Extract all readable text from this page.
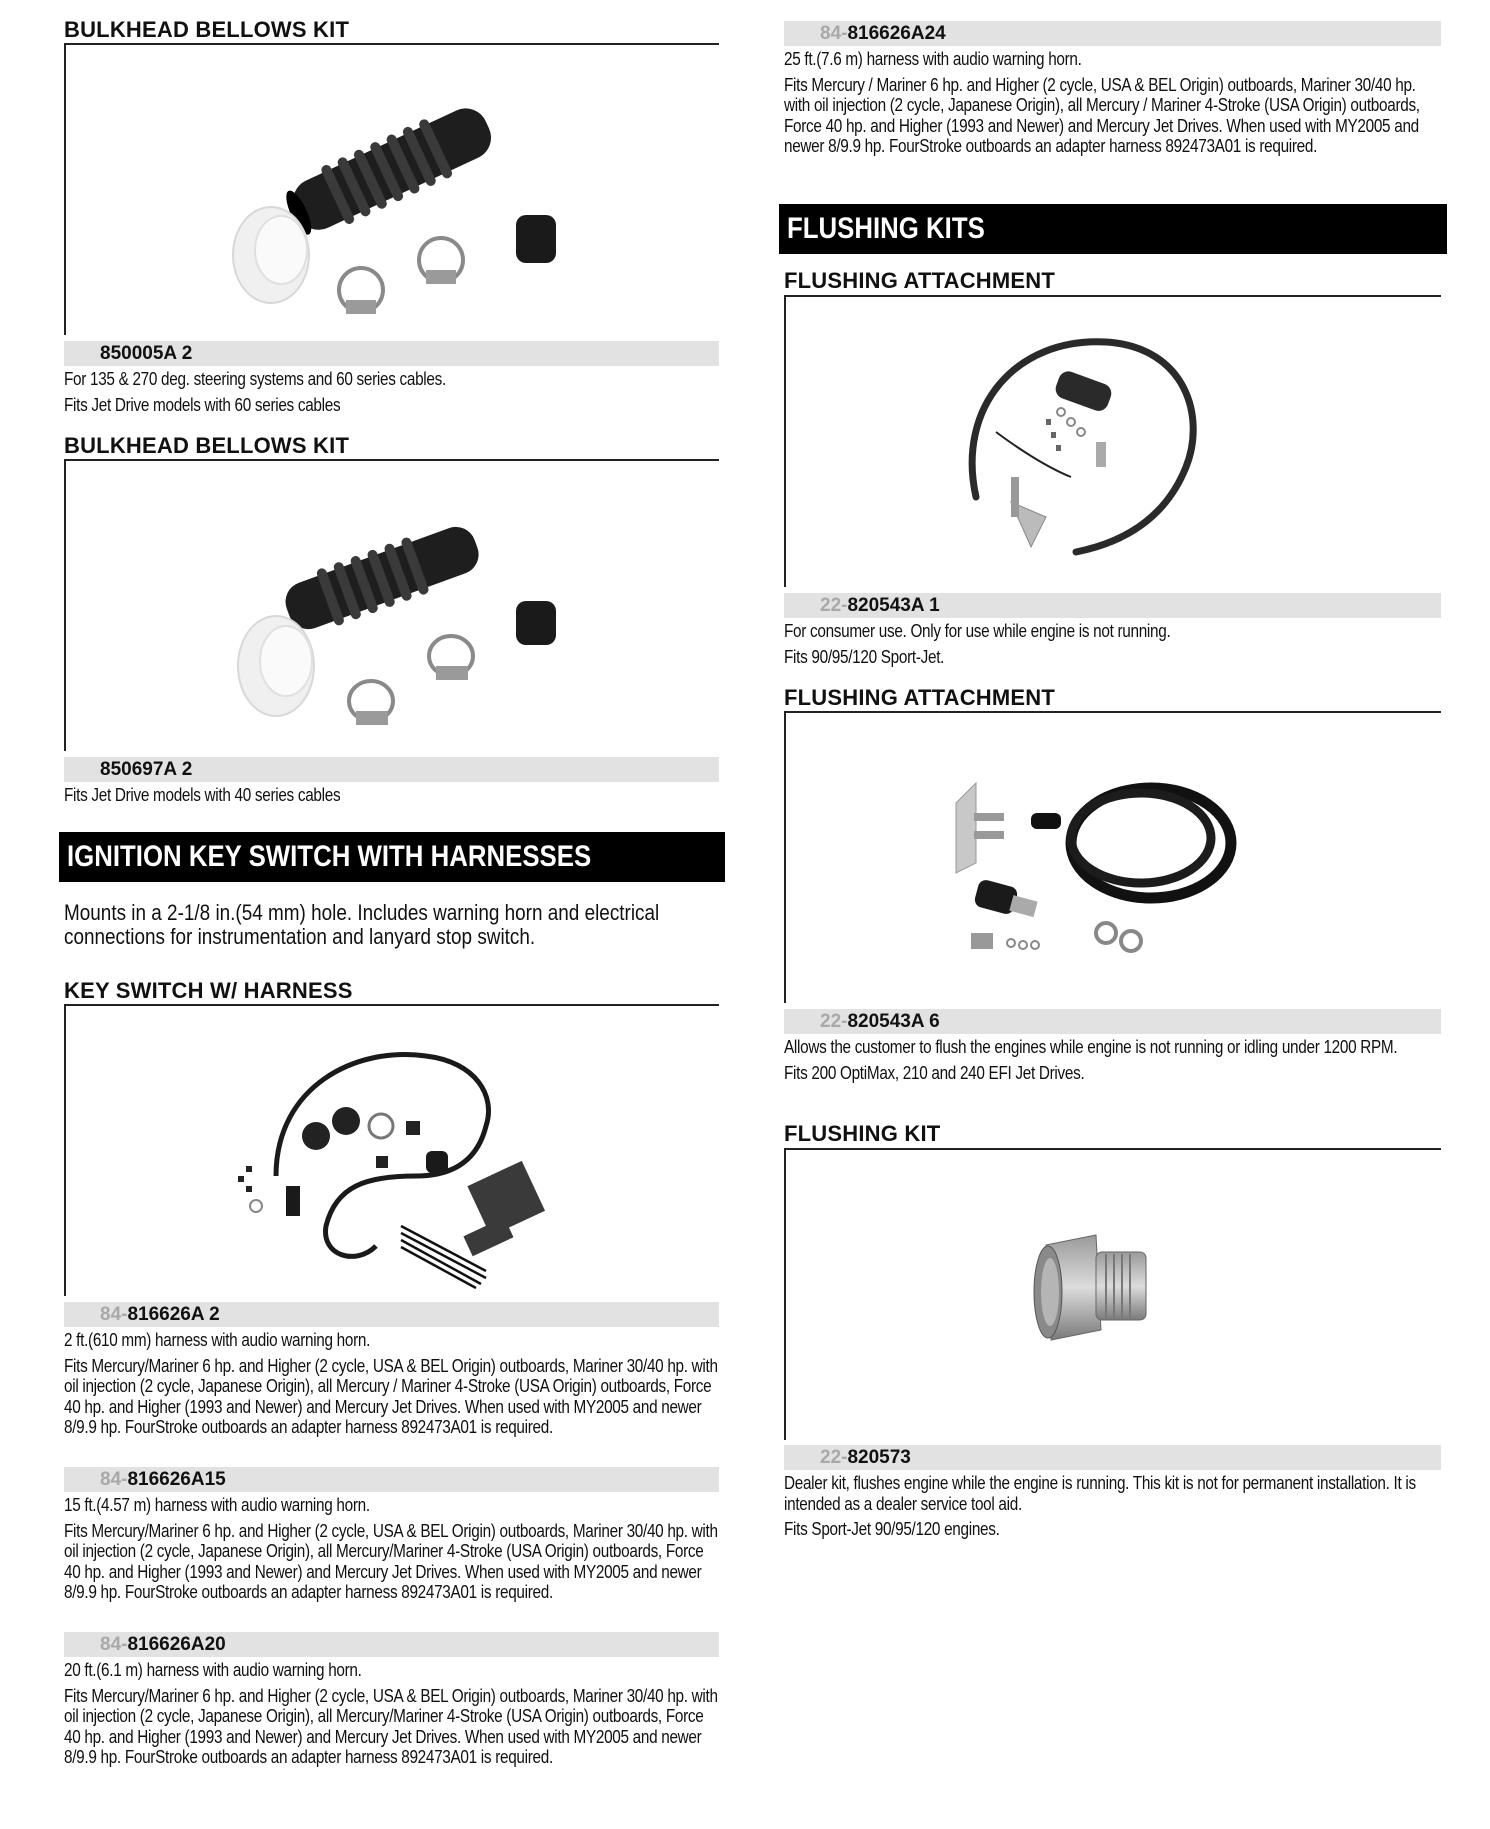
BULKHEAD BELLOWS KIT
850005A 2
For 135 & 270 deg. steering systems and 60 series cables.
Fits Jet Drive models with 60 series cables
BULKHEAD BELLOWS KIT
850697A 2
Fits Jet Drive models with 40 series cables
IGNITION KEY SWITCH WITH HARNESSES
Mounts in a 2-1/8 in.(54 mm) hole. Includes warning horn and electrical connections for instrumentation and lanyard stop switch.
KEY SWITCH W/ HARNESS
84-816626A 2
2 ft.(610 mm) harness with audio warning horn.
Fits Mercury/Mariner 6 hp. and Higher (2 cycle, USA & BEL Origin) outboards, Mariner 30/40 hp. with oil injection (2 cycle, Japanese Origin), all Mercury / Mariner 4-Stroke (USA Origin) outboards, Force 40 hp. and Higher (1993 and Newer) and Mercury Jet Drives. When used with MY2005 and newer 8/9.9 hp. FourStroke outboards an adapter harness 892473A01 is required.
84-816626A15
15 ft.(4.57 m) harness with audio warning horn.
Fits Mercury/Mariner 6 hp. and Higher (2 cycle, USA & BEL Origin) outboards, Mariner 30/40 hp. with oil injection (2 cycle, Japanese Origin), all Mercury/Mariner 4-Stroke (USA Origin) outboards, Force 40 hp. and Higher (1993 and Newer) and Mercury Jet Drives. When used with MY2005 and newer 8/9.9 hp. FourStroke outboards an adapter harness 892473A01 is required.
84-816626A20
20 ft.(6.1 m) harness with audio warning horn.
Fits Mercury/Mariner 6 hp. and Higher (2 cycle, USA & BEL Origin) outboards, Mariner 30/40 hp. with oil injection (2 cycle, Japanese Origin), all Mercury/Mariner 4-Stroke (USA Origin) outboards, Force 40 hp. and Higher (1993 and Newer) and Mercury Jet Drives. When used with MY2005 and newer 8/9.9 hp. FourStroke outboards an adapter harness 892473A01 is required.
84-816626A24
25 ft.(7.6 m) harness with audio warning horn.
Fits Mercury / Mariner 6 hp. and Higher (2 cycle, USA & BEL Origin) outboards, Mariner 30/40 hp. with oil injection (2 cycle, Japanese Origin), all Mercury / Mariner 4-Stroke (USA Origin) outboards, Force 40 hp. and Higher (1993 and Newer) and Mercury Jet Drives. When used with MY2005 and newer 8/9.9 hp. FourStroke outboards an adapter harness 892473A01 is required.
FLUSHING KITS
FLUSHING ATTACHMENT
22-820543A 1
For consumer use. Only for use while engine is not running.
Fits 90/95/120 Sport-Jet.
FLUSHING ATTACHMENT
22-820543A 6
Allows the customer to flush the engines while engine is not running or idling under 1200 RPM.
Fits 200 OptiMax, 210 and 240 EFI Jet Drives.
FLUSHING KIT
22-820573
Dealer kit, flushes engine while the engine is running. This kit is not for permanent installation. It is intended as a dealer service tool aid.
Fits Sport-Jet 90/95/120 engines.
